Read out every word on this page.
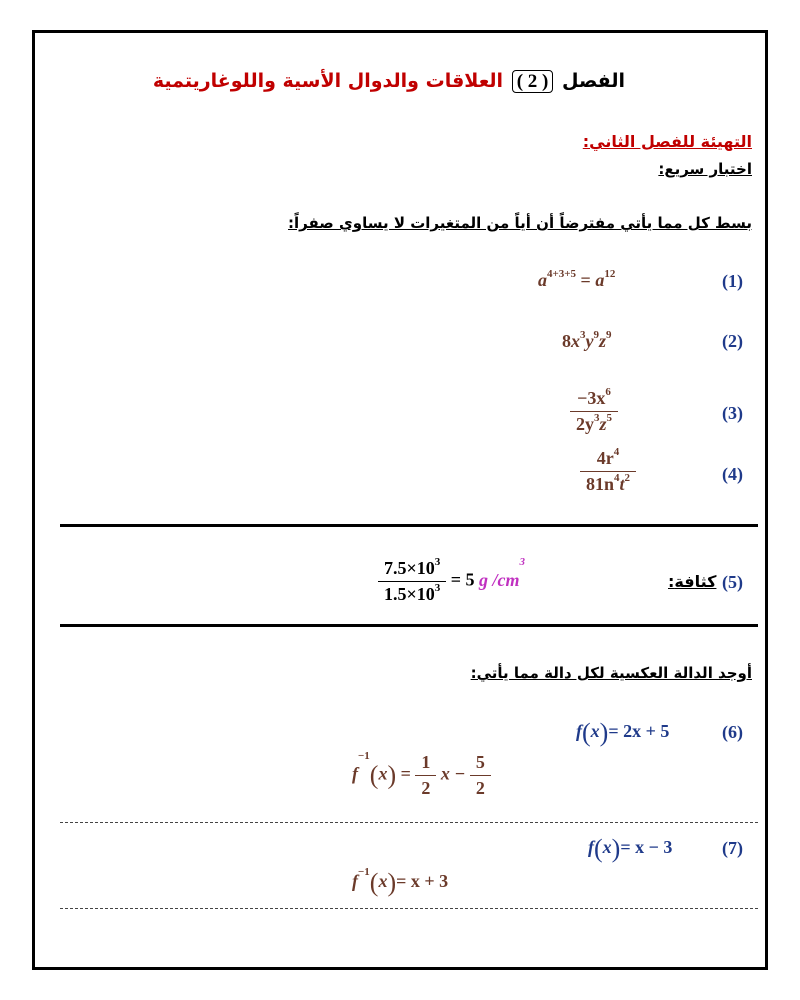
الفصل ( 2 ) العلاقات والدوال الأسية واللوغاريتمية
التهيئة للفصل الثاني:
اختبار سريع:
بسط كل مما يأتي مفترضاً أن أياً من المتغيرات لا يساوي صفراً:
(1)
$a^{4+3+5} = a^{12}$
(2)
$8x^3y^9z^9$
(3)
$\frac{-3x^6}{2y^3z^5}$
(4)
$\frac{4r^4}{81n^4t^2}$
(5)
كثافة:
$\frac{7.5\times 10^3}{1.5\times 10^3} = 5$ g $/cm^3$
أوجد الدالة العكسية لكل دالة مما يأتي:
(6)
f(x)= 2x + 5
$f^{-1}(x) = \frac{1}{2}$ $x - \frac{5}{2}$
(7)
f(x)= x − 3
$f^{-1}(x)= x + 3$
